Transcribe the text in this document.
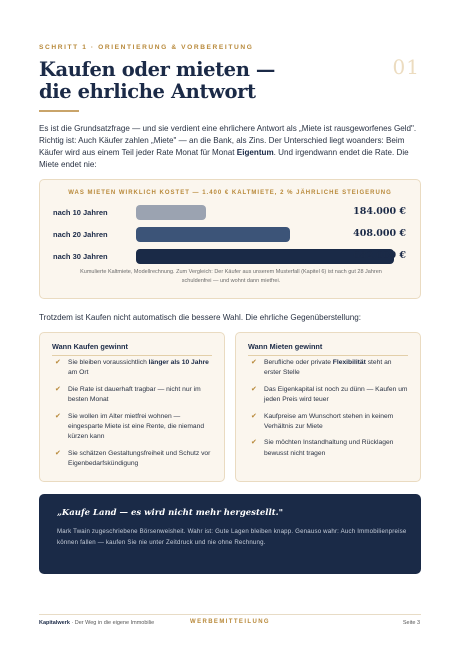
SCHRITT 1 · ORIENTIERUNG & VORBEREITUNG
01
Kaufen oder mieten —
die ehrliche Antwort

Es ist die Grundsatzfrage — und sie verdient eine ehrlichere Antwort als „Miete ist rausgeworfenes Geld". Richtig ist: Auch Käufer zahlen „Miete" — an die Bank, als Zins. Der Unterschied liegt woanders: Beim Käufer wird aus einem Teil jeder Rate Monat für Monat Eigentum. Und irgendwann endet die Rate. Die Miete endet nie:

WAS MIETEN WIRKLICH KOSTET — 1.400 € KALTMIETE, 2 % JÄHRLICHE STEIGERUNG
nach 10 Jahren	184.000 €
nach 20 Jahren	408.000 €
nach 30 Jahren	682.000 €
Kumulierte Kaltmiete, Modellrechnung. Zum Vergleich: Der Käufer aus unserem Musterfall (Kapitel 6) ist nach gut 28 Jahren schuldenfrei — und wohnt dann mietfrei.

Trotzdem ist Kaufen nicht automatisch die bessere Wahl. Die ehrliche Gegenüberstellung:

Wann Kaufen gewinnt
✔ Sie bleiben voraussichtlich länger als 10 Jahre am Ort
✔ Die Rate ist dauerhaft tragbar — nicht nur im besten Monat
✔ Sie wollen im Alter mietfrei wohnen — eingesparte Miete ist eine Rente, die niemand kürzen kann
✔ Sie schätzen Gestaltungsfreiheit und Schutz vor Eigenbedarfskündigung
Wann Mieten gewinnt
✔ Berufliche oder private Flexibilität steht an erster Stelle
✔ Das Eigenkapital ist noch zu dünn — Kaufen um jeden Preis wird teuer
✔ Kaufpreise am Wunschort stehen in keinem Verhältnis zur Miete
✔ Sie möchten Instandhaltung und Rücklagen bewusst nicht tragen
„Kaufe Land — es wird nicht mehr hergestellt."
Mark Twain zugeschriebene Börsenweisheit. Wahr ist: Gute Lagen bleiben knapp. Genauso wahr: Auch Immobilienpreise können fallen — kaufen Sie nie unter Zeitdruck und nie ohne Rechnung.
Kapitalwerk · Der Weg in die eigene Immobilie	WERBEMITTEILUNG	Seite 3
